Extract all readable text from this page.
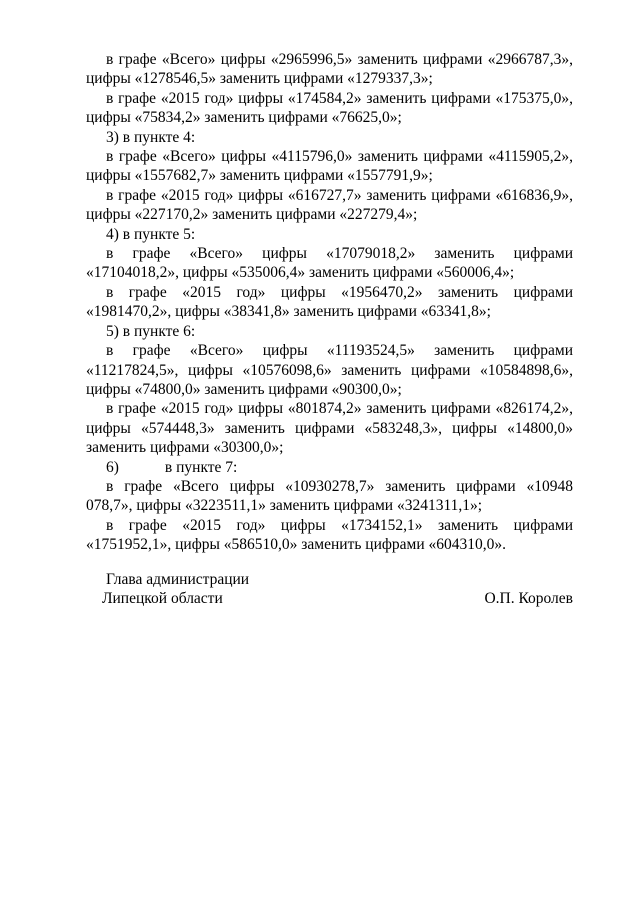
в графе «Всего» цифры «2965996,5» заменить цифрами «2966787,3», цифры «1278546,5» заменить цифрами «1279337,3»;

в графе «2015 год» цифры «174584,2» заменить цифрами «175375,0», цифры «75834,2» заменить цифрами «76625,0»;

3) в пункте 4:

в графе «Всего» цифры «4115796,0» заменить цифрами «4115905,2», цифры «1557682,7» заменить цифрами «1557791,9»;

в графе «2015 год» цифры «616727,7» заменить цифрами «616836,9», цифры «227170,2» заменить цифрами «227279,4»;

4) в пункте 5:

в графе «Всего» цифры «17079018,2» заменить цифрами «17104018,2», цифры «535006,4» заменить цифрами «560006,4»;

в графе «2015 год» цифры «1956470,2» заменить цифрами «1981470,2», цифры «38341,8» заменить цифрами «63341,8»;

5) в пункте 6:

в графе «Всего» цифры «11193524,5» заменить цифрами «11217824,5», цифры «10576098,6» заменить цифрами «10584898,6», цифры «74800,0» заменить цифрами «90300,0»;

в графе «2015 год» цифры «801874,2» заменить цифрами «826174,2», цифры «574448,3» заменить цифрами «583248,3», цифры «14800,0» заменить цифрами «30300,0»;

6)	в пункте 7:

в графе «Всего цифры «10930278,7» заменить цифрами «10948 078,7», цифры «3223511,1» заменить цифрами «3241311,1»;

в графе «2015 год» цифры «1734152,1» заменить цифрами «1751952,1», цифры «586510,0» заменить цифрами «604310,0».

Глава администрации

Липецкой области	О.П. Королев
